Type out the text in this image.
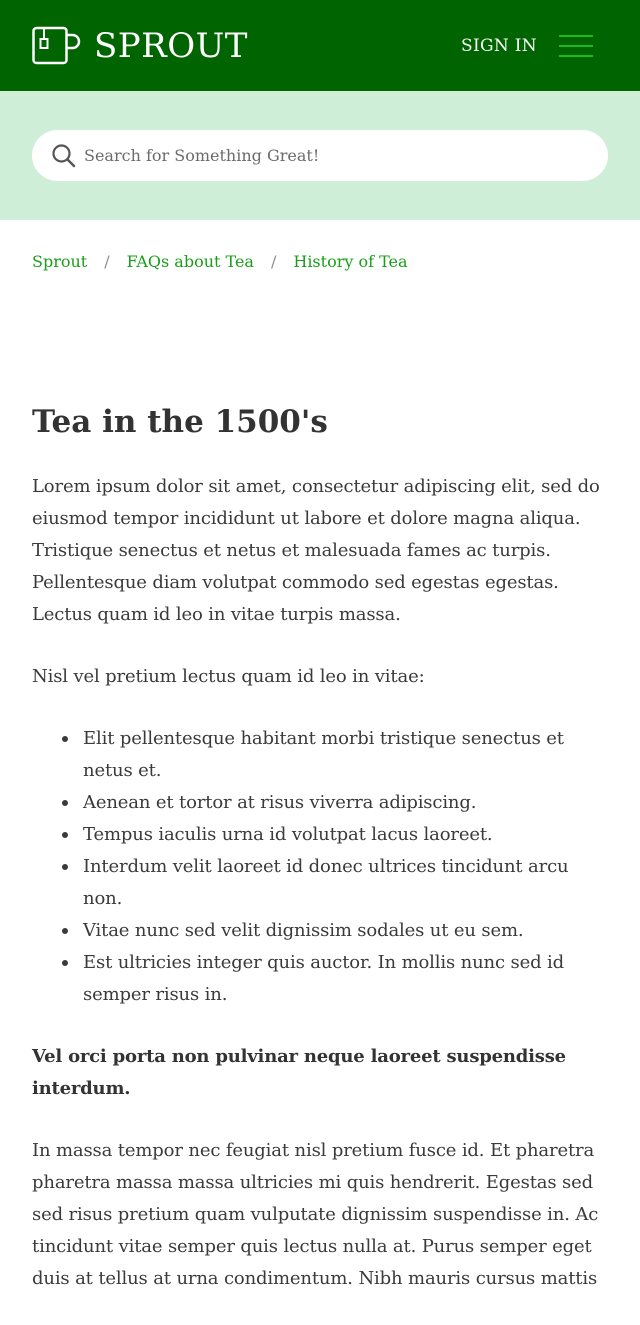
SPROUT	SIGN IN
Search for Something Great!
Sprout / FAQs about Tea / History of Tea
Tea in the 1500's

Lorem ipsum dolor sit amet, consectetur adipiscing elit, sed do eiusmod tempor incididunt ut labore et dolore magna aliqua. Tristique senectus et netus et malesuada fames ac turpis. Pellentesque diam volutpat commodo sed egestas egestas. Lectus quam id leo in vitae turpis massa.

Nisl vel pretium lectus quam id leo in vitae:

Elit pellentesque habitant morbi tristique senectus et netus et.
Aenean et tortor at risus viverra adipiscing.
Tempus iaculis urna id volutpat lacus laoreet.
Interdum velit laoreet id donec ultrices tincidunt arcu non.
Vitae nunc sed velit dignissim sodales ut eu sem.
Est ultricies integer quis auctor. In mollis nunc sed id semper risus in.

Vel orci porta non pulvinar neque laoreet suspendisse interdum.

In massa tempor nec feugiat nisl pretium fusce id. Et pharetra pharetra massa massa ultricies mi quis hendrerit. Egestas sed sed risus pretium quam vulputate dignissim suspendisse in. Ac tincidunt vitae semper quis lectus nulla at. Purus semper eget duis at tellus at urna condimentum. Nibh mauris cursus mattis
